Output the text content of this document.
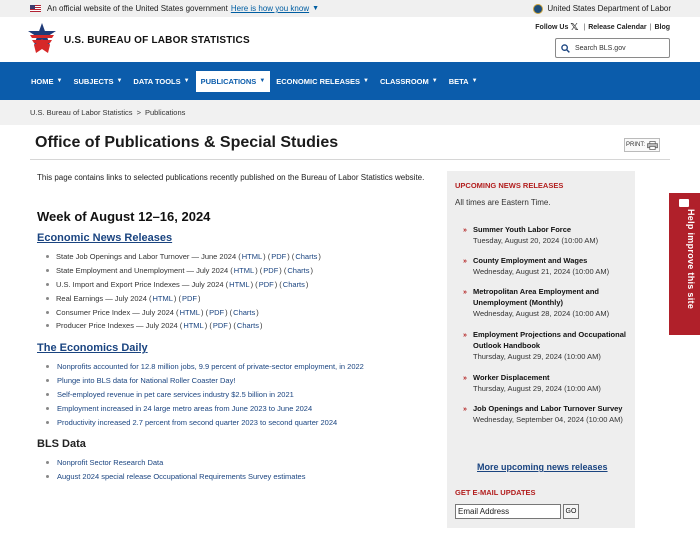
An official website of the United States government Here is how you know ▼	United States Department of Labor
U.S. BUREAU OF LABOR STATISTICS
Follow Us 𝕏 | Release Calendar | Blog
Search BLS.gov
HOME ▼ SUBJECTS ▼ DATA TOOLS ▼ PUBLICATIONS ▼ ECONOMIC RELEASES ▼ CLASSROOM ▼ BETA ▼
U.S. Bureau of Labor Statistics > Publications
Office of Publications & Special Studies	PRINT:

This page contains links to selected publications recently published on the Bureau of Labor Statistics website.

Week of August 12–16, 2024
Economic News Releases
State Job Openings and Labor Turnover — June 2024 ( HTML ) ( PDF ) ( Charts )
State Employment and Unemployment — July 2024 ( HTML ) ( PDF ) ( Charts )
U.S. Import and Export Price Indexes — July 2024 ( HTML ) ( PDF ) ( Charts )
Real Earnings — July 2024 ( HTML ) ( PDF )
Consumer Price Index — July 2024 ( HTML ) ( PDF ) ( Charts )
Producer Price Indexes — July 2024 ( HTML ) ( PDF ) ( Charts )
The Economics Daily
Nonprofits accounted for 12.8 million jobs, 9.9 percent of private-sector employment, in 2022
Plunge into BLS data for National Roller Coaster Day!
Self-employed revenue in pet care services industry $2.5 billion in 2021
Employment increased in 24 large metro areas from June 2023 to June 2024
Productivity increased 2.7 percent from second quarter 2023 to second quarter 2024
BLS Data
Nonprofit Sector Research Data
August 2024 special release Occupational Requirements Survey estimates
UPCOMING NEWS RELEASES
All times are Eastern Time.
» Summer Youth Labor Force
Tuesday, August 20, 2024 (10:00 AM)
» County Employment and Wages
Wednesday, August 21, 2024 (10:00 AM)
» Metropolitan Area Employment and Unemployment (Monthly)
Wednesday, August 28, 2024 (10:00 AM)
» Employment Projections and Occupational Outlook Handbook
Thursday, August 29, 2024 (10:00 AM)
» Worker Displacement
Thursday, August 29, 2024 (10:00 AM)
» Job Openings and Labor Turnover Survey
Wednesday, September 04, 2024 (10:00 AM)
More upcoming news releases
GET E-MAIL UPDATES
Email Address	GO
Help improve this site
